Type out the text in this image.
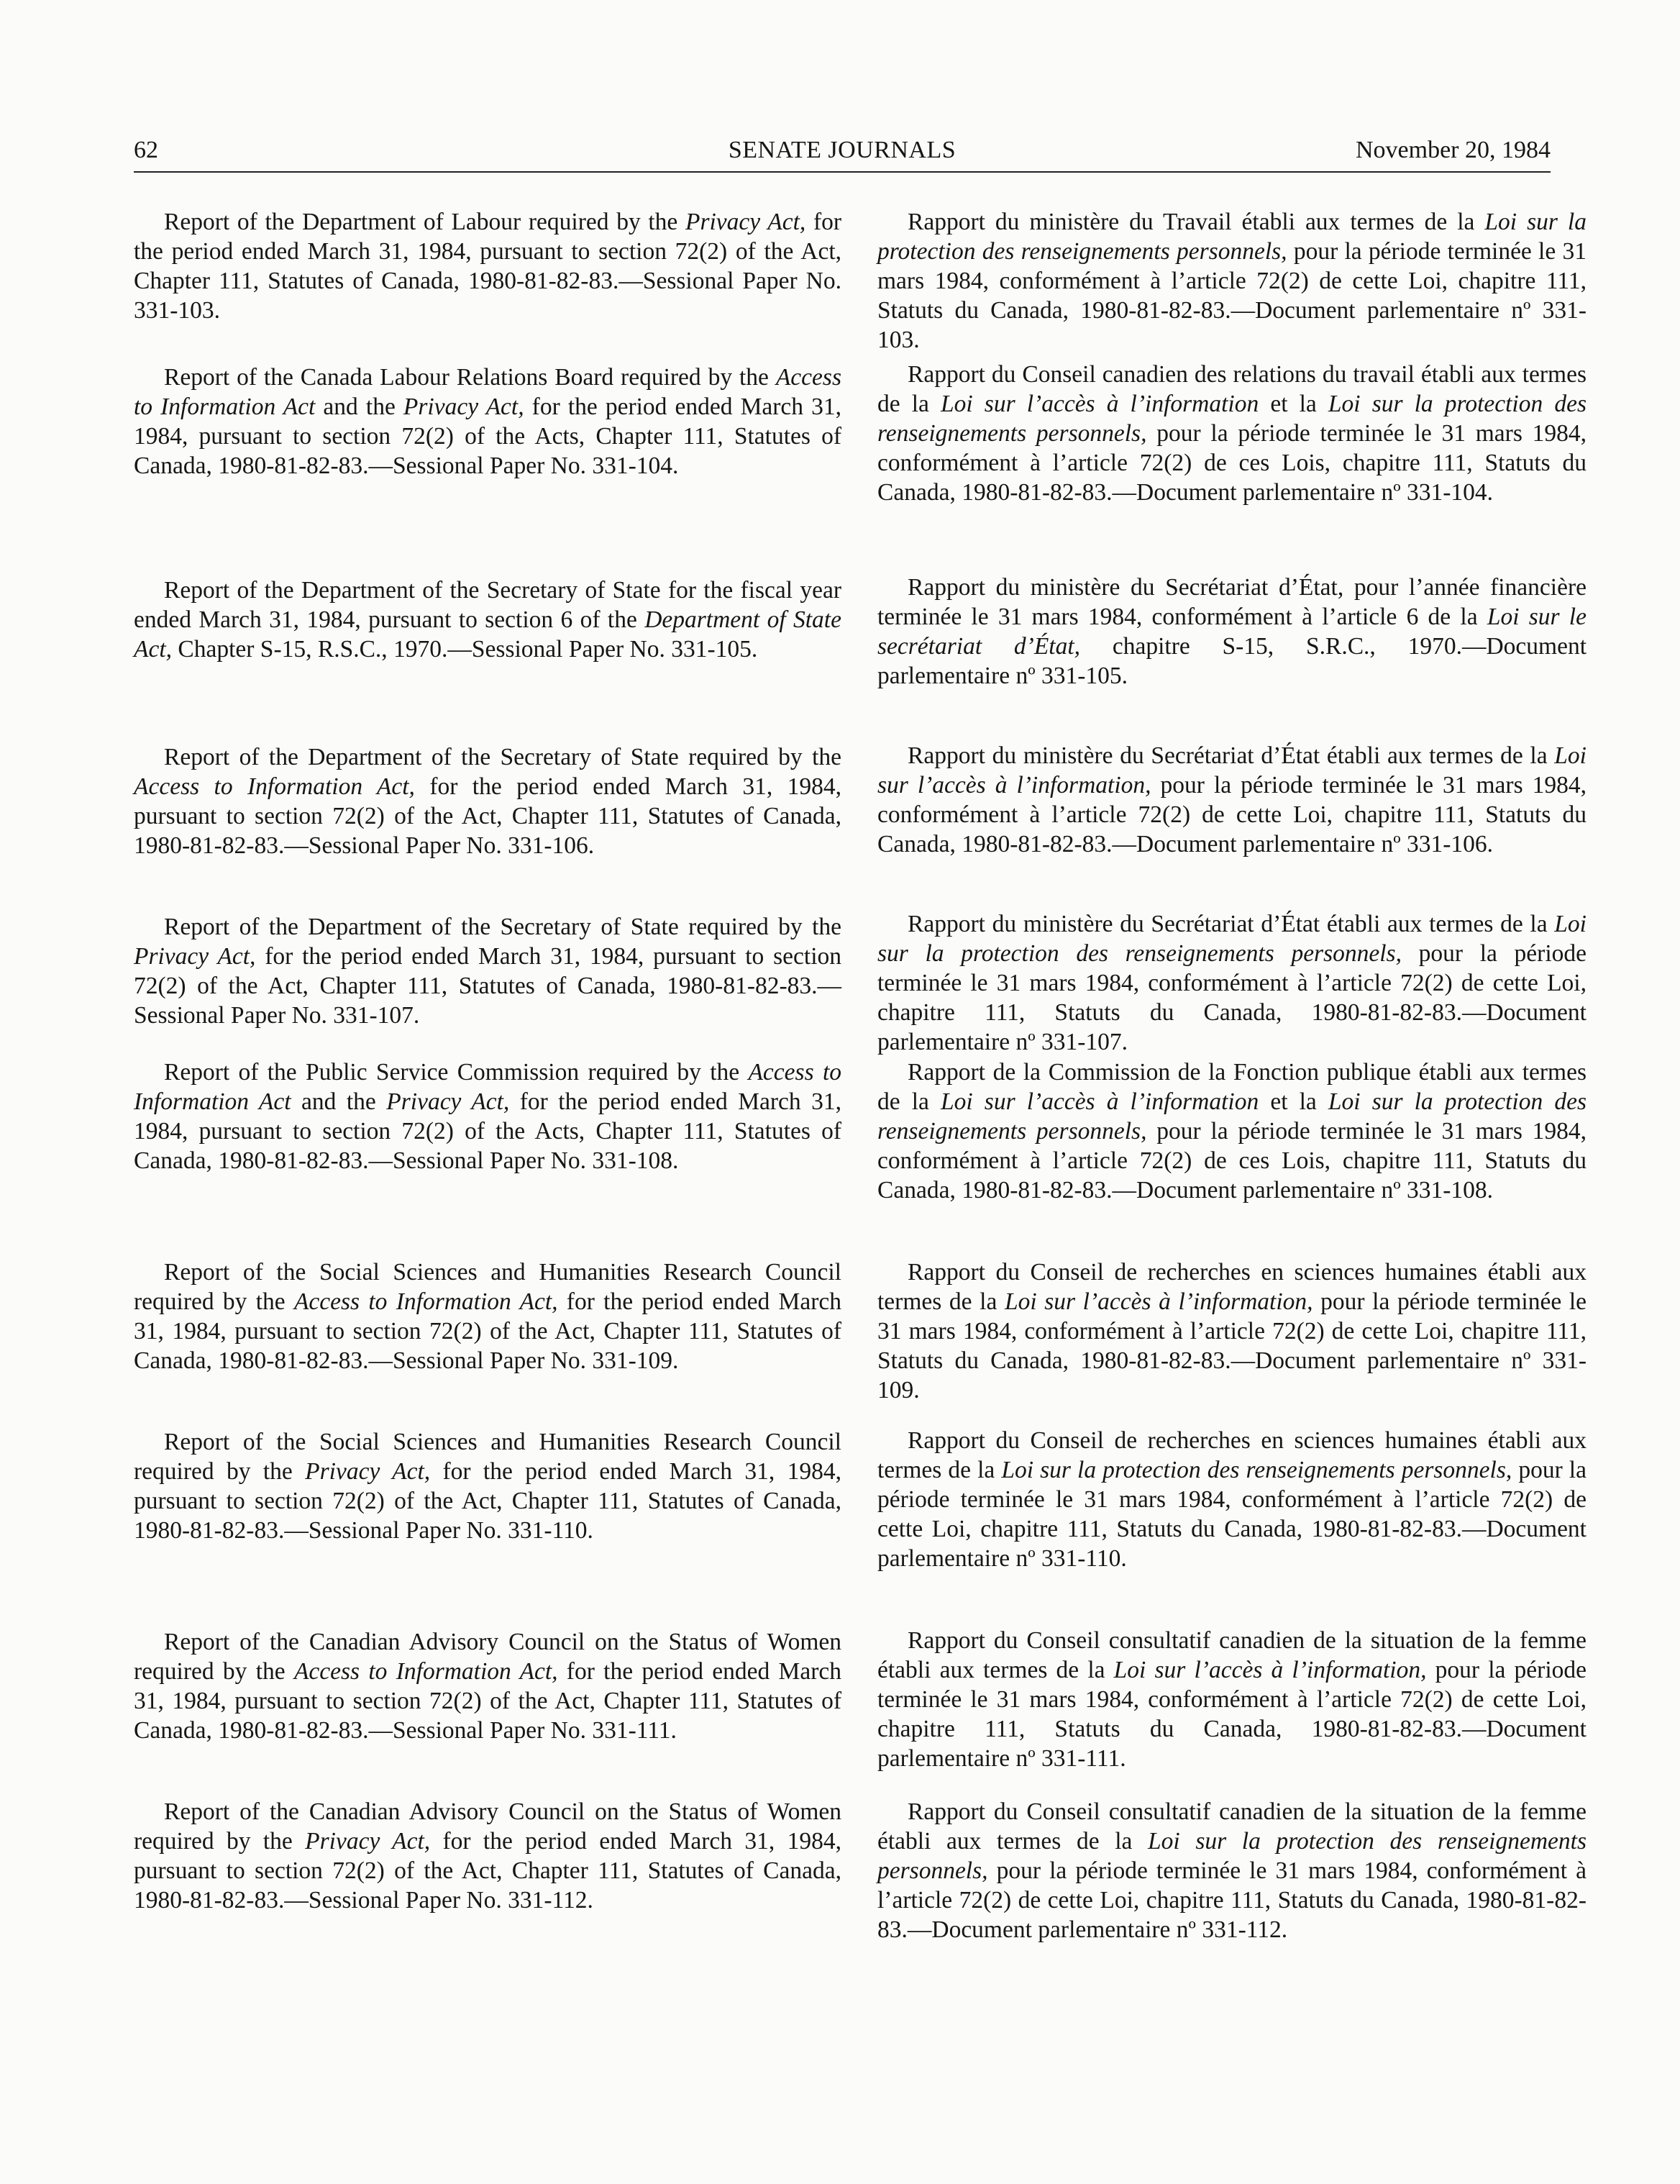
62	SENATE JOURNALS	November 20, 1984

Report of the Department of Labour required by the Privacy Act, for the period ended March 31, 1984, pursuant to section 72(2) of the Act, Chapter 111, Statutes of Canada, 1980-81-82-83.—Sessional Paper No. 331-103.

Report of the Canada Labour Relations Board required by the Access to Information Act and the Privacy Act, for the period ended March 31, 1984, pursuant to section 72(2) of the Acts, Chapter 111, Statutes of Canada, 1980-81-82-83.—Sessional Paper No. 331-104.

Report of the Department of the Secretary of State for the fiscal year ended March 31, 1984, pursuant to section 6 of the Department of State Act, Chapter S-15, R.S.C., 1970.—Sessional Paper No. 331-105.

Report of the Department of the Secretary of State required by the Access to Information Act, for the period ended March 31, 1984, pursuant to section 72(2) of the Act, Chapter 111, Statutes of Canada, 1980-81-82-83.—Sessional Paper No. 331-106.

Report of the Department of the Secretary of State required by the Privacy Act, for the period ended March 31, 1984, pursuant to section 72(2) of the Act, Chapter 111, Statutes of Canada, 1980-81-82-83.—Sessional Paper No. 331-107.

Report of the Public Service Commission required by the Access to Information Act and the Privacy Act, for the period ended March 31, 1984, pursuant to section 72(2) of the Acts, Chapter 111, Statutes of Canada, 1980-81-82-83.—Sessional Paper No. 331-108.

Report of the Social Sciences and Humanities Research Council required by the Access to Information Act, for the period ended March 31, 1984, pursuant to section 72(2) of the Act, Chapter 111, Statutes of Canada, 1980-81-82-83.—Sessional Paper No. 331-109.

Report of the Social Sciences and Humanities Research Council required by the Privacy Act, for the period ended March 31, 1984, pursuant to section 72(2) of the Act, Chapter 111, Statutes of Canada, 1980-81-82-83.—Sessional Paper No. 331-110.

Report of the Canadian Advisory Council on the Status of Women required by the Access to Information Act, for the period ended March 31, 1984, pursuant to section 72(2) of the Act, Chapter 111, Statutes of Canada, 1980-81-82-83.—Sessional Paper No. 331-111.

Report of the Canadian Advisory Council on the Status of Women required by the Privacy Act, for the period ended March 31, 1984, pursuant to section 72(2) of the Act, Chapter 111, Statutes of Canada, 1980-81-82-83.—Sessional Paper No. 331-112.

Rapport du ministère du Travail établi aux termes de la Loi sur la protection des renseignements personnels, pour la période terminée le 31 mars 1984, conformément à l’article 72(2) de cette Loi, chapitre 111, Statuts du Canada, 1980-81-82-83.—Document parlementaire nº 331-103.

Rapport du Conseil canadien des relations du travail établi aux termes de la Loi sur l’accès à l’information et la Loi sur la protection des renseignements personnels, pour la période terminée le 31 mars 1984, conformément à l’article 72(2) de ces Lois, chapitre 111, Statuts du Canada, 1980-81-82-83.—Document parlementaire nº 331-104.

Rapport du ministère du Secrétariat d’État, pour l’année financière terminée le 31 mars 1984, conformément à l’article 6 de la Loi sur le secrétariat d’État, chapitre S-15, S.R.C., 1970.—Document parlementaire nº 331-105.

Rapport du ministère du Secrétariat d’État établi aux termes de la Loi sur l’accès à l’information, pour la période terminée le 31 mars 1984, conformément à l’article 72(2) de cette Loi, chapitre 111, Statuts du Canada, 1980-81-82-83.—Document parlementaire nº 331-106.

Rapport du ministère du Secrétariat d’État établi aux termes de la Loi sur la protection des renseignements personnels, pour la période terminée le 31 mars 1984, conformément à l’article 72(2) de cette Loi, chapitre 111, Statuts du Canada, 1980-81-82-83.—Document parlementaire nº 331-107.

Rapport de la Commission de la Fonction publique établi aux termes de la Loi sur l’accès à l’information et la Loi sur la protection des renseignements personnels, pour la période terminée le 31 mars 1984, conformément à l’article 72(2) de ces Lois, chapitre 111, Statuts du Canada, 1980-81-82-83.—Document parlementaire nº 331-108.

Rapport du Conseil de recherches en sciences humaines établi aux termes de la Loi sur l’accès à l’information, pour la période terminée le 31 mars 1984, conformément à l’article 72(2) de cette Loi, chapitre 111, Statuts du Canada, 1980-81-82-83.—Document parlementaire nº 331-109.

Rapport du Conseil de recherches en sciences humaines établi aux termes de la Loi sur la protection des renseignements personnels, pour la période terminée le 31 mars 1984, conformément à l’article 72(2) de cette Loi, chapitre 111, Statuts du Canada, 1980-81-82-83.—Document parlementaire nº 331-110.

Rapport du Conseil consultatif canadien de la situation de la femme établi aux termes de la Loi sur l’accès à l’information, pour la période terminée le 31 mars 1984, conformément à l’article 72(2) de cette Loi, chapitre 111, Statuts du Canada, 1980-81-82-83.—Document parlementaire nº 331-111.

Rapport du Conseil consultatif canadien de la situation de la femme établi aux termes de la Loi sur la protection des renseignements personnels, pour la période terminée le 31 mars 1984, conformément à l’article 72(2) de cette Loi, chapitre 111, Statuts du Canada, 1980-81-82-83.—Document parlementaire nº 331-112.
